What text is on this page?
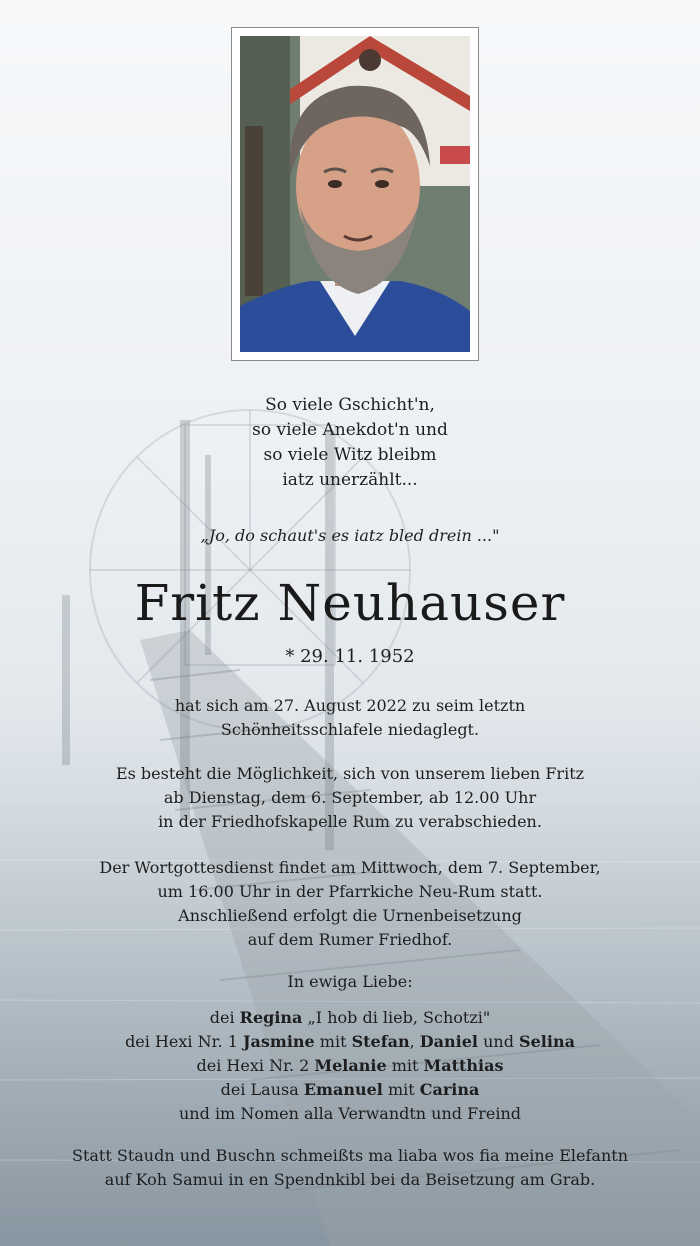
So viele Gschicht'n,
so viele Anekdot'n und
so viele Witz bleibm
iatz unerzählt...
„Jo, do schaut's es iatz bled drein ..."
Fritz Neuhauser
* 29. 11. 1952

hat sich am 27. August 2022 zu seim letztn

Schönheitsschlafele niedaglegt.

Es besteht die Möglichkeit, sich von unserem lieben Fritz

ab Dienstag, dem 6. September, ab 12.00 Uhr

in der Friedhofskapelle Rum zu verabschieden.

Der Wortgottesdienst findet am Mittwoch, dem 7. September,

um 16.00 Uhr in der Pfarrkiche Neu-Rum statt.

Anschließend erfolgt die Urnenbeisetzung

auf dem Rumer Friedhof.

In ewiga Liebe:

dei Regina „I hob di lieb, Schotzi"

dei Hexi Nr. 1 Jasmine mit Stefan, Daniel und Selina

dei Hexi Nr. 2 Melanie mit Matthias

dei Lausa Emanuel mit Carina

und im Nomen alla Verwandtn und Freind

Statt Staudn und Buschn schmeißts ma liaba wos fia meine Elefantn

auf Koh Samui in en Spendnkibl bei da Beisetzung am Grab.
